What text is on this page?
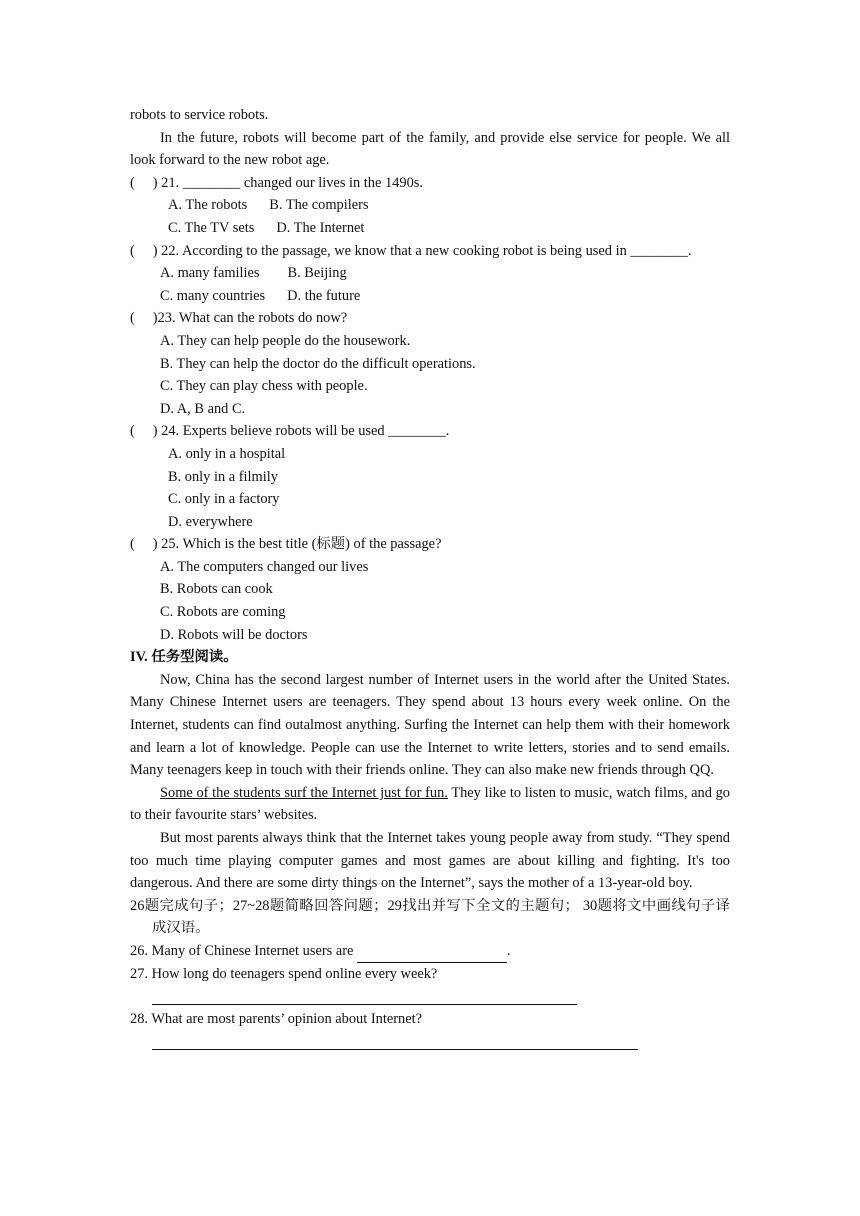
robots to service robots.
In the future, robots will become part of the family, and provide else service for people. We all look forward to the new robot age.
(     ) 21. ________ changed our lives in the 1490s.
A. The robots B. The compilers
C. The TV sets D. The Internet
(     ) 22. According to the passage, we know that a new cooking robot is being used in ________.
A. many families B. Beijing
C. many countries D. the future
(     )23. What can the robots do now?
A. They can help people do the housework.
B. They can help the doctor do the difficult operations.
C. They can play chess with people.
D. A, B and C.
(     ) 24. Experts believe robots will be used ________.
A. only in a hospital
B. only in a filmily
C. only in a factory
D. everywhere
(     ) 25. Which is the best title (标题) of the passage?
A. The computers changed our lives
B. Robots can cook
C. Robots are coming
D. Robots will be doctors
IV. 任务型阅读。
Now, China has the second largest number of Internet users in the world after the United States. Many Chinese Internet users are teenagers. They spend about 13 hours every week online. On the Internet, students can find outalmost anything. Surfing the Internet can help them with their homework and learn a lot of knowledge. People can use the Internet to write letters, stories and to send emails. Many teenagers keep in touch with their friends online. They can also make new friends through QQ.
Some of the students surf the Internet just for fun. They like to listen to music, watch films, and go to their favourite stars’ websites.
But most parents always think that the Internet takes young people away from study. “They spend too much time playing computer games and most games are about killing and fighting. It's too dangerous. And there are some dirty things on the Internet”, says the mother of a 13-year-old boy.
26题完成句子；27~28题简略回答问题；29找出并写下全文的主题句； 30题将文中画线句子译成汉语。
26. Many of Chinese Internet users are	.
27. How long do teenagers spend online every week?
28. What are most parents’ opinion about Internet?
